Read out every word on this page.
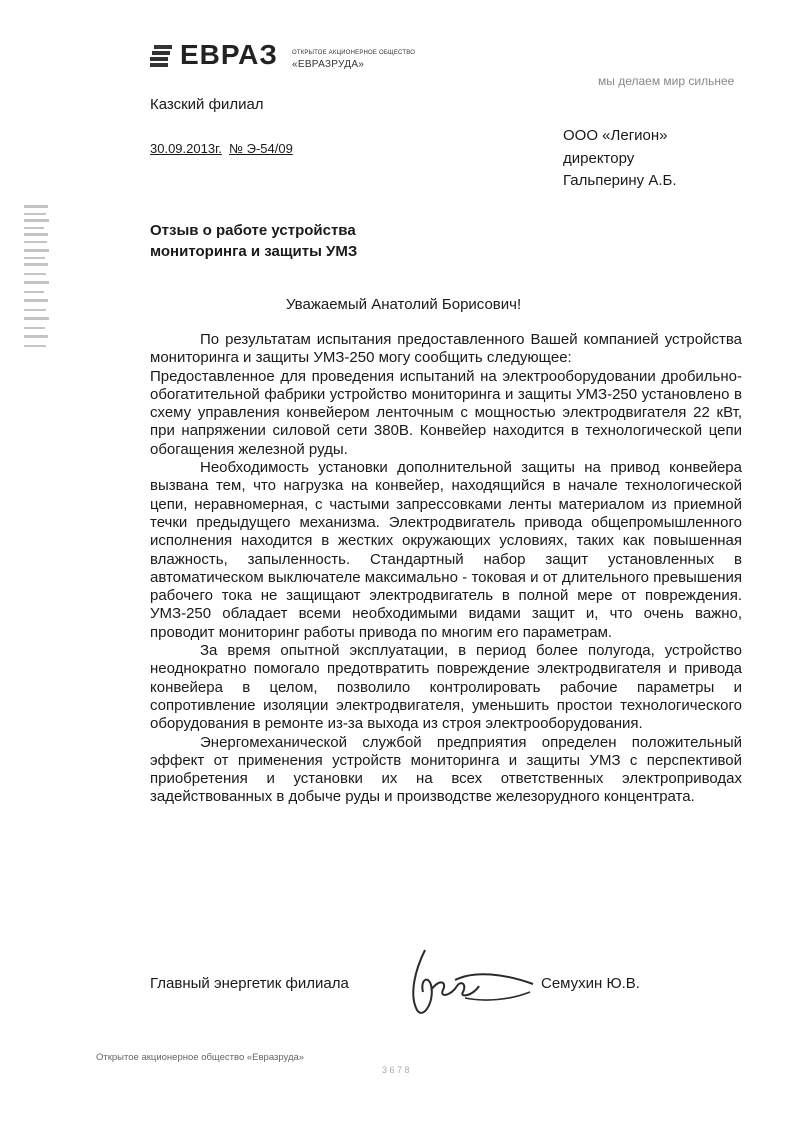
ЕВРАЗ ОТКРЫТОЕ АКЦИОНЕРНОЕ ОБЩЕСТВО
«ЕВРАЗРУДА»
мы делаем мир сильнее
Казский филиал
30.09.2013г. № Э-54/09
ООО «Легион»
директору
Гальперину А.Б.
Отзыв о работе устройства
мониторинга и защиты УМЗ
Уважаемый Анатолий Борисович!

По результатам испытания предоставленного Вашей компанией устройства мониторинга и защиты УМЗ-250 могу сообщить следующее:

Предоставленное для проведения испытаний на электрооборудовании дробильно-обогатительной фабрики устройство мониторинга и защиты УМЗ-250 установлено в схему управления конвейером ленточным с мощностью электродвигателя 22 кВт, при напряжении силовой сети 380В. Конвейер находится в технологической цепи обогащения железной руды.

Необходимость установки дополнительной защиты на привод конвейера вызвана тем, что нагрузка на конвейер, находящийся в начале технологической цепи, неравномерная, с частыми запрессовками ленты материалом из приемной течки предыдущего механизма. Электродвигатель привода общепромышленного исполнения находится в жестких окружающих условиях, таких как повышенная влажность, запыленность. Стандартный набор защит установленных в автоматическом выключателе максимально - токовая и от длительного превышения рабочего тока не защищают электродвигатель в полной мере от повреждения. УМЗ-250 обладает всеми необходимыми видами защит и, что очень важно, проводит мониторинг работы привода по многим его параметрам.

За время опытной эксплуатации, в период более полугода, устройство неоднократно помогало предотвратить повреждение электродвигателя и привода конвейера в целом, позволило контролировать рабочие параметры и сопротивление изоляции электродвигателя, уменьшить простои технологического оборудования в ремонте из-за выхода из строя электрооборудования.

Энергомеханической службой предприятия определен положительный эффект от применения устройств мониторинга и защиты УМЗ с перспективой приобретения и установки их на всех ответственных электроприводах задействованных в добыче руды и производстве железорудного концентрата.

Главный энергетик филиала	Семухин Ю.В.
Открытое акционерное общество «Евразруда»
3 6 7 8
